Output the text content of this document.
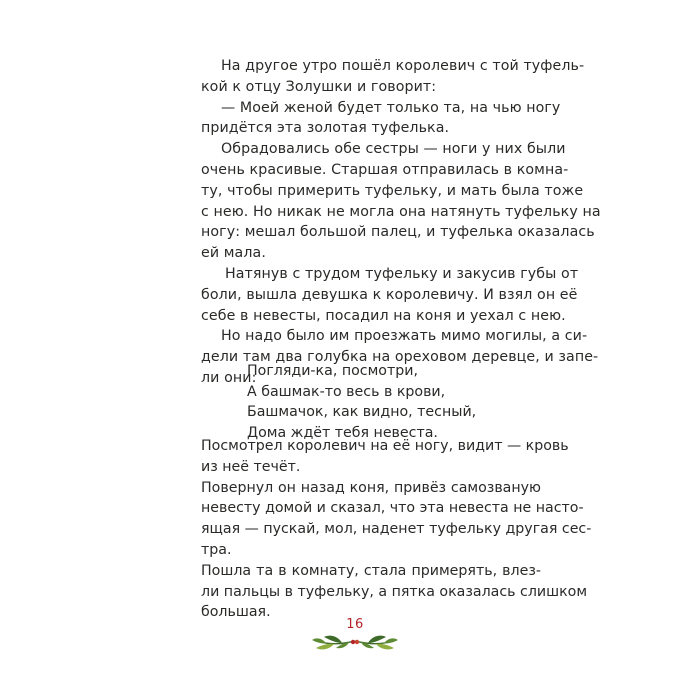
На другое утро пошёл королевич с той туфель-
кой к отцу Золушки и говорит:
— Моей женой будет только та, на чью ногу
придётся эта золотая туфелька.
Обрадовались обе сестры — ноги у них были
очень красивые. Старшая отправилась в комна-
ту, чтобы примерить туфельку, и мать была тоже
с нею. Но никак не могла она натянуть туфельку на
ногу: мешал большой палец, и туфелька оказалась
ей мала.
Натянув с трудом туфельку и закусив губы от
боли, вышла девушка к королевичу. И взял он её
себе в невесты, посадил на коня и уехал с нею.
Но надо было им проезжать мимо могилы, а си-
дели там два голубка на ореховом деревце, и запе-
ли они:
Погляди-ка, посмотри,
А башмак-то весь в крови,
Башмачок, как видно, тесный,
Дома ждёт тебя невеста.
Посмотрел королевич на её ногу, видит — кровь
из неё течёт.
Повернул он назад коня, привёз самозваную
невесту домой и сказал, что эта невеста не насто-
ящая — пускай, мол, наденет туфельку другая сес-
тра.
Пошла та в комнату, стала примерять, влез-
ли пальцы в туфельку, а пятка оказалась слишком
большая.
16
